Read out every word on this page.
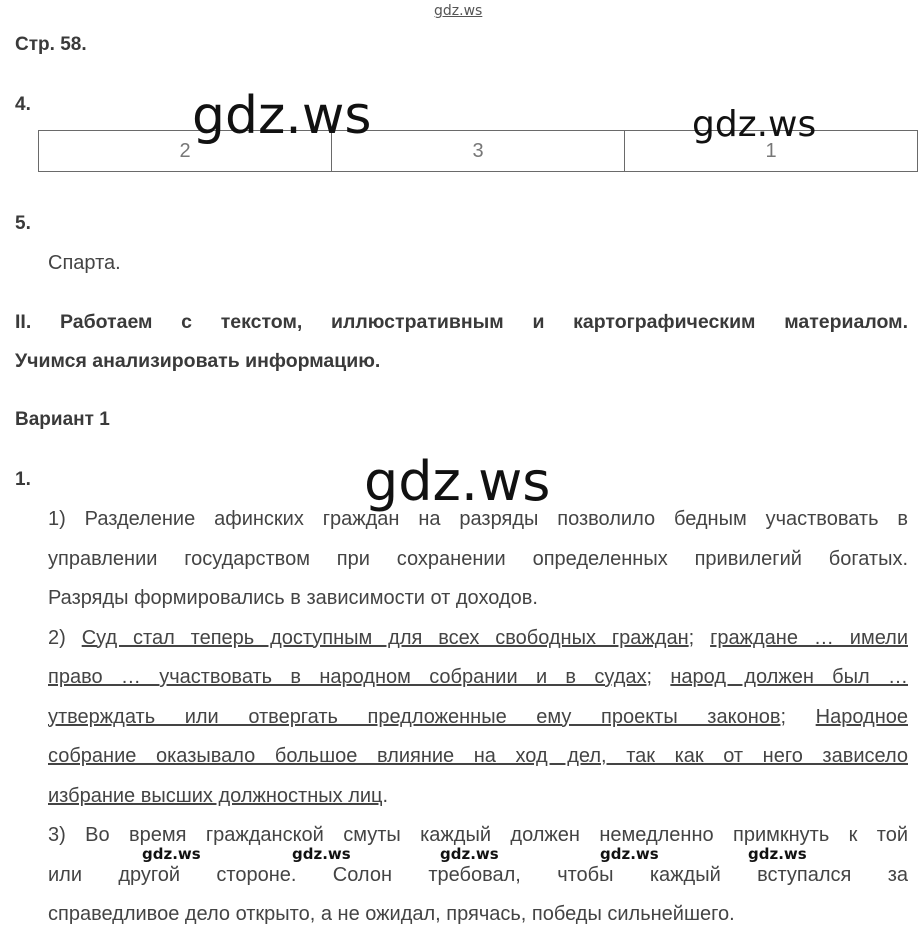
gdz.ws
Стр. 58.
4.
2	3	1
gdz.ws	gdz.ws
5.
Спарта.
II. Работаем с текстом, иллюстративным и картографическим материалом.
Учимся анализировать информацию.
Вариант 1
1.	gdz.ws
1) Разделение афинских граждан на разряды позволило бедным участвовать в
управлении государством при сохранении определенных привилегий богатых.
Разряды формировались в зависимости от доходов.
2) Суд стал теперь доступным для всех свободных граждан; граждане … имели
право … участвовать в народном собрании и в судах; народ должен был …
утверждать или отвергать предложенные ему проекты законов; Народное
собрание оказывало большое влияние на ход дел, так как от него зависело
избрание высших должностных лиц.
3) Во время гражданской смуты каждый должен немедленно примкнуть к той
или другой стороне. Солон требовал, чтобы каждый вступался за
справедливое дело открыто, а не ожидал, прячась, победы сильнейшего.
gdz.ws	gdz.ws	gdz.ws	gdz.ws	gdz.ws
